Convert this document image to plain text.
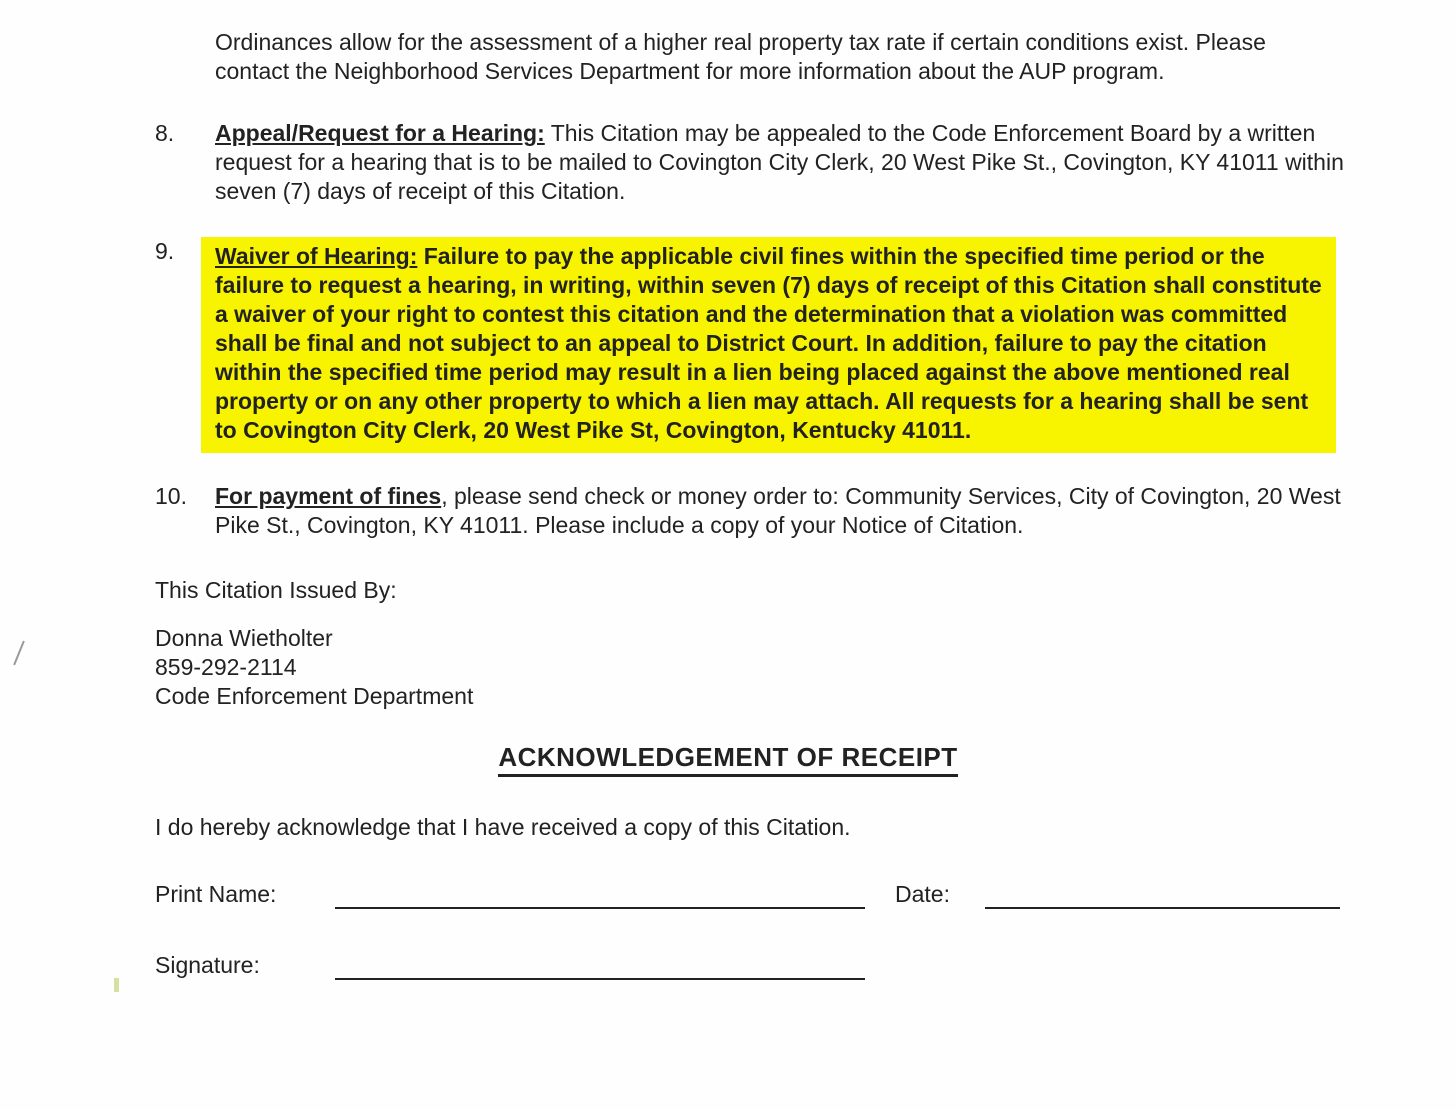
Ordinances allow for the assessment of a higher real property tax rate if certain conditions exist. Please contact the Neighborhood Services Department for more information about the AUP program.

8.	Appeal/Request for a Hearing: This Citation may be appealed to the Code Enforcement Board by a written request for a hearing that is to be mailed to Covington City Clerk, 20 West Pike St., Covington, KY 41011 within seven (7) days of receipt of this Citation.

9.	Waiver of Hearing: Failure to pay the applicable civil fines within the specified time period or the failure to request a hearing, in writing, within seven (7) days of receipt of this Citation shall constitute a waiver of your right to contest this citation and the determination that a violation was committed shall be final and not subject to an appeal to District Court. In addition, failure to pay the citation within the specified time period may result in a lien being placed against the above mentioned real property or on any other property to which a lien may attach. All requests for a hearing shall be sent to Covington City Clerk, 20 West Pike St, Covington, Kentucky 41011.

10.	For payment of fines, please send check or money order to: Community Services, City of Covington, 20 West Pike St., Covington, KY 41011. Please include a copy of your Notice of Citation.

This Citation Issued By:

Donna Wietholter

859-292-2114

Code Enforcement Department

ACKNOWLEDGEMENT OF RECEIPT

I do hereby acknowledge that I have received a copy of this Citation.

Print Name:	Date:
Signature:
